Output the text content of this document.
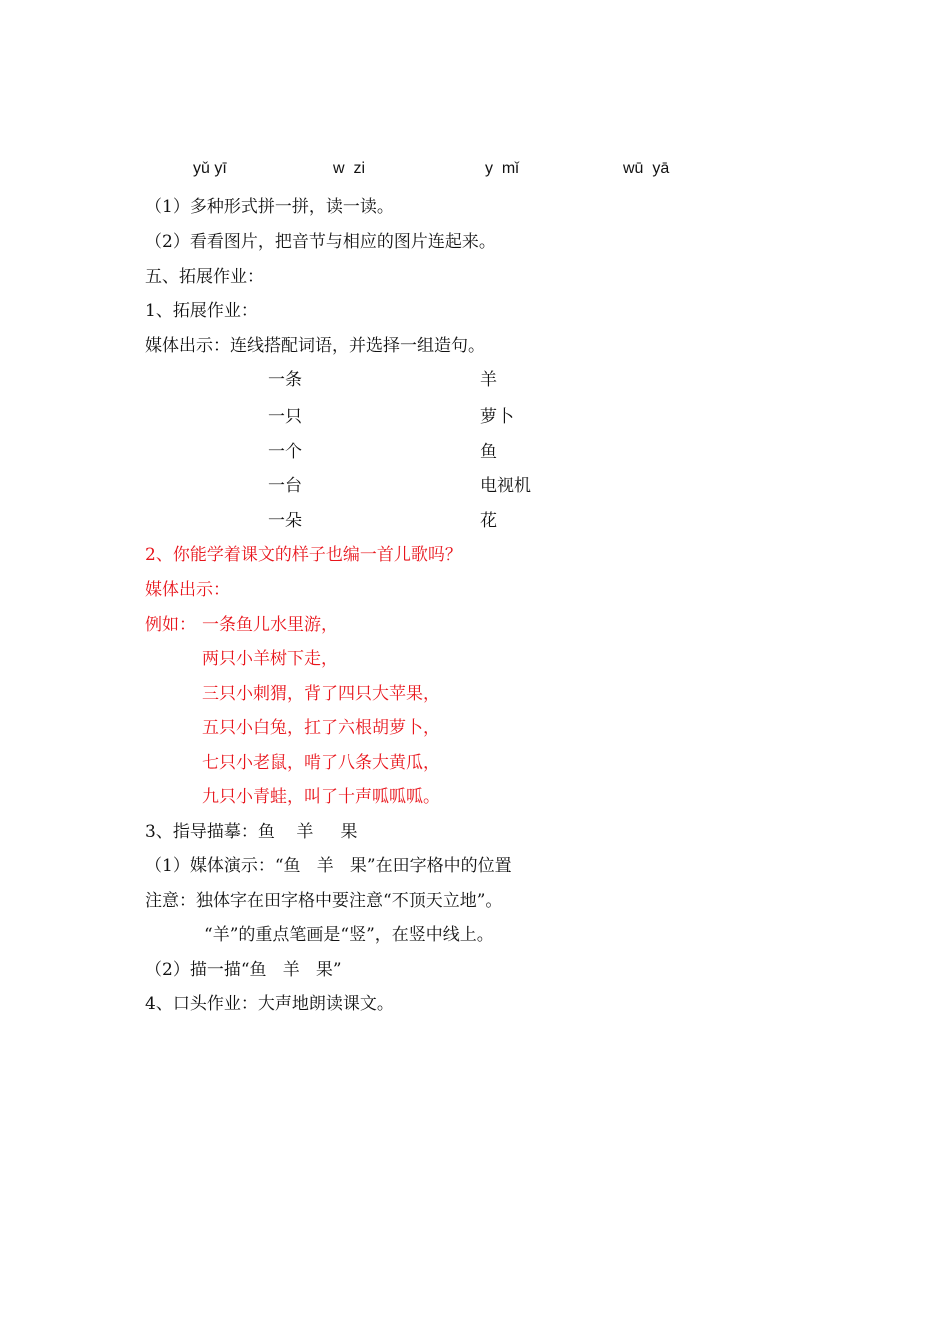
yǔ yī	w  zi	y  mǐ	wū  yā
（1）多种形式拼一拼，读一读。
（2）看看图片，把音节与相应的图片连起来。
五、拓展作业：
1、拓展作业：
媒体出示：连线搭配词语，并选择一组造句。
一条	羊
一只	萝卜
一个	鱼
一台	电视机
一朵	花
2、你能学着课文的样子也编一首儿歌吗？
媒体出示：
例如： 一条鱼儿水里游，
两只小羊树下走，
三只小刺猬，背了四只大苹果，
五只小白兔，扛了六根胡萝卜，
七只小老鼠，啃了八条大黄瓜，
九只小青蛙，叫了十声呱呱呱。
3、指导描摹：鱼    羊     果
（1）媒体演示：“鱼   羊   果”在田字格中的位置
注意：独体字在田字格中要注意“不顶天立地”。
“羊”的重点笔画是“竖”，在竖中线上。
（2）描一描“鱼   羊   果”
4、口头作业：大声地朗读课文。
